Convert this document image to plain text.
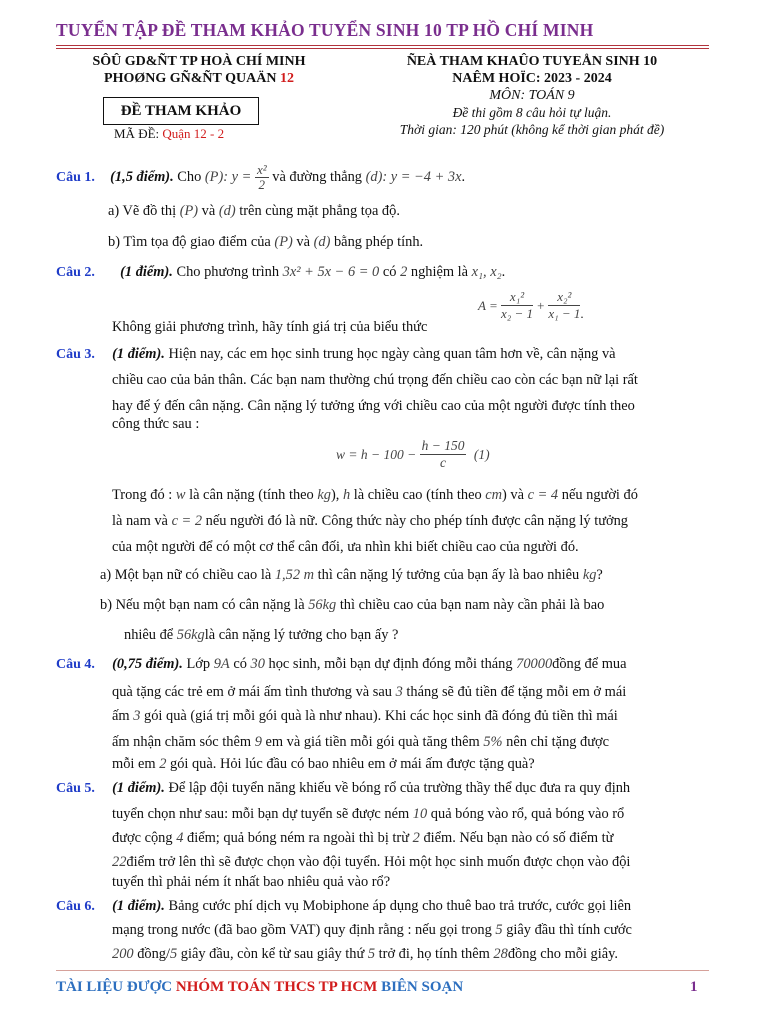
TUYỂN TẬP ĐỀ THAM KHẢO TUYỂN SINH 10 TP HỒ CHÍ MINH
SÔÛ GD&ÑT TP HOÀ CHÍ MINH
PHOØNG GÑ&ÑT QUAÄN 12
ĐỀ THAM KHẢO
MÃ ĐỀ: Quận 12 - 2
ÑEÀ THAM KHAÛO TUYEÅN SINH 10
NAÊM HOÏC: 2023 - 2024
MÔN: TOÁN 9
Đề thi gồm 8 câu hỏi tự luận.
Thời gian: 120 phút (không kể thời gian phát đề)
Câu 1. (1,5 điểm). Cho (P): $y = \frac{\text{x²}}{2}$ và đường thẳng (d): y = −4 + 3x.
a) Vẽ đồ thị (P) và (d) trên cùng mặt phẳng tọa độ.
b) Tìm tọa độ giao điểm của (P) và (d) bằng phép tính.
Câu 2. (1 điểm). Cho phương trình 3x² + 5x − 6 = 0 có 2 nghiệm là x₁, x₂.
$A = \frac{\text{x₁²}}{\text{x₂ − 1}} + \frac{\text{x₂²}}{\text{x₁ − 1}}$ .
Không giải phương trình, hãy tính giá trị của biểu thức
Câu 3. (1 điểm). Hiện nay, các em học sinh trung học ngày càng quan tâm hơn về, cân nặng và
chiều cao của bản thân. Các bạn nam thường chú trọng đến chiều cao còn các bạn nữ lại rất
hay để ý đến cân nặng. Cân nặng lý tưởng ứng với chiều cao của một người được tính theo
công thức sau :
$w = h - 100 - \frac{h - 150}{c} (1)$
Trong đó : w là cân nặng (tính theo kg), h là chiều cao (tính theo cm) và c = 4 nếu người đó
là nam và c = 2 nếu người đó là nữ. Công thức này cho phép tính được cân nặng lý tưởng
của một người để có một cơ thể cân đối, ưa nhìn khi biết chiều cao của người đó.
a) Một bạn nữ có chiều cao là 1,52 m thì cân nặng lý tưởng của bạn ấy là bao nhiêu kg?
b) Nếu một bạn nam có cân nặng là 56kg thì chiều cao của bạn nam này cần phải là bao
nhiêu để 56kglà cân nặng lý tưởng cho bạn ấy ?
Câu 4. (0,75 điểm). Lớp 9A có 30 học sinh, mỗi bạn dự định đóng mỗi tháng 70000đồng để mua
quà tặng các trẻ em ở mái ấm tình thương và sau 3 tháng sẽ đủ tiền để tặng mỗi em ở mái
ấm 3 gói quà (giá trị mỗi gói quà là như nhau). Khi các học sinh đã đóng đủ tiền thì mái
ấm nhận chăm sóc thêm 9 em và giá tiền mỗi gói quà tăng thêm 5% nên chỉ tặng được
mỗi em 2 gói quà. Hỏi lúc đầu có bao nhiêu em ở mái ấm được tặng quà?
Câu 5. (1 điểm). Để lập đội tuyển năng khiếu về bóng rổ của trường thầy thể dục đưa ra quy định
tuyển chọn như sau: mỗi bạn dự tuyển sẽ được ném 10 quả bóng vào rổ, quả bóng vào rổ
được cộng 4 điểm; quả bóng ném ra ngoài thì bị trừ 2 điểm. Nếu bạn nào có số điểm từ
22điểm trở lên thì sẽ được chọn vào đội tuyển. Hỏi một học sinh muốn được chọn vào đội
tuyển thì phải ném ít nhất bao nhiêu quả vào rổ?
Câu 6. (1 điểm). Bảng cước phí dịch vụ Mobiphone áp dụng cho thuê bao trả trước, cước gọi liên
mạng trong nước (đã bao gồm VAT) quy định rằng : nếu gọi trong 5 giây đầu thì tính cước
200 đồng/5 giây đầu, còn kể từ sau giây thứ 5 trở đi, họ tính thêm 28đồng cho mỗi giây.
TÀI LIỆU ĐƯỢC NHÓM TOÁN THCS TP HCM BIÊN SOẠN	1
